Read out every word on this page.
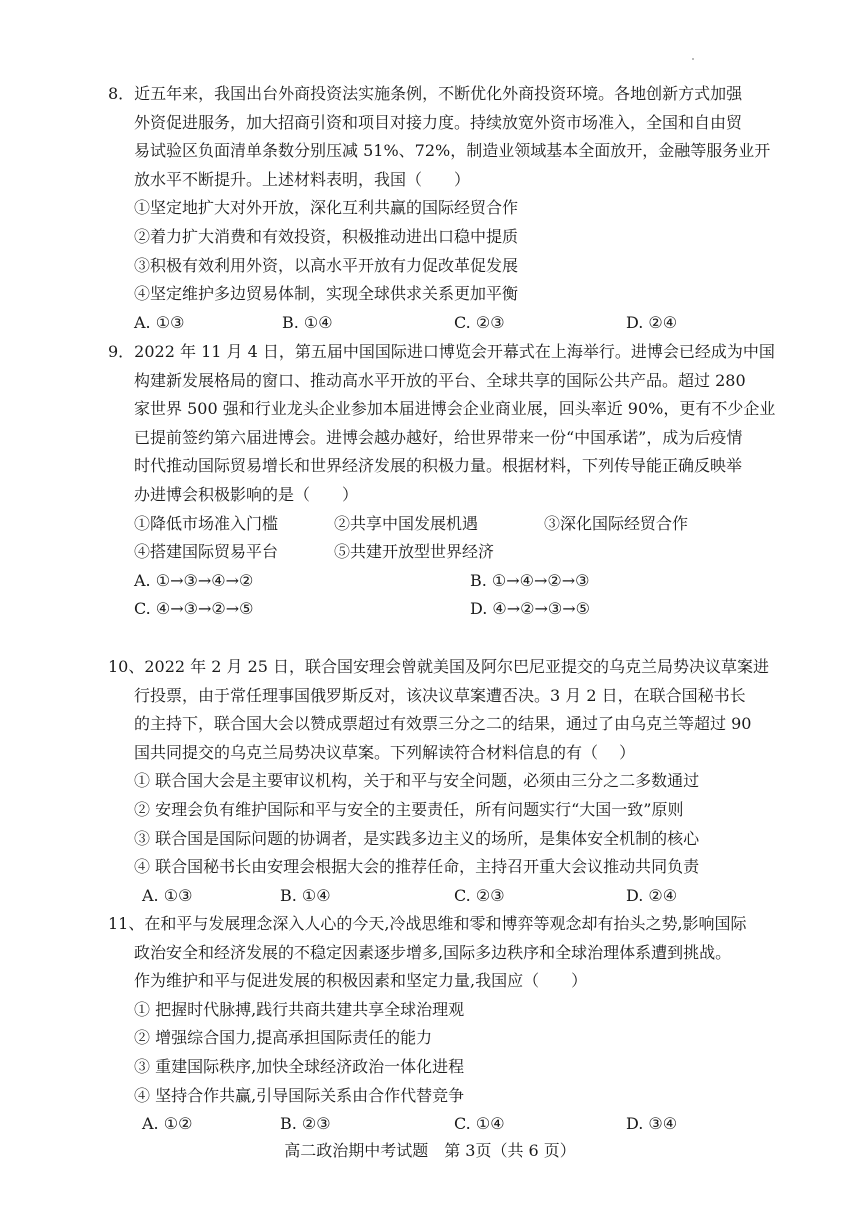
8．近五年来，我国出台外商投资法实施条例，不断优化外商投资环境。各地创新方式加强
外资促进服务，加大招商引资和项目对接力度。持续放宽外资市场准入，全国和自由贸
易试验区负面清单条数分别压减 51%、72%，制造业领域基本全面放开，金融等服务业开
放水平不断提升。上述材料表明，我国（　　）
①坚定地扩大对外开放，深化互利共赢的国际经贸合作
②着力扩大消费和有效投资，积极推动进出口稳中提质
③积极有效利用外资，以高水平开放有力促改革促发展
④坚定维护多边贸易体制，实现全球供求关系更加平衡
A. ①③	B. ①④	C. ②③	D. ②④
9．2022 年 11 月 4 日，第五届中国国际进口博览会开幕式在上海举行。进博会已经成为中国
构建新发展格局的窗口、推动高水平开放的平台、全球共享的国际公共产品。超过 280
家世界 500 强和行业龙头企业参加本届进博会企业商业展，回头率近 90%，更有不少企业
已提前签约第六届进博会。进博会越办越好，给世界带来一份“中国承诺”，成为后疫情
时代推动国际贸易增长和世界经济发展的积极力量。根据材料，下列传导能正确反映举
办进博会积极影响的是（　　）
①降低市场准入门槛	②共享中国发展机遇	③深化国际经贸合作
④搭建国际贸易平台	⑤共建开放型世界经济
A. ①→③→④→②	B. ①→④→②→③
C. ④→③→②→⑤	D. ④→②→③→⑤
10、2022 年 2 月 25 日，联合国安理会曾就美国及阿尔巴尼亚提交的乌克兰局势决议草案进
行投票，由于常任理事国俄罗斯反对，该决议草案遭否决。3 月 2 日，在联合国秘书长
的主持下，联合国大会以赞成票超过有效票三分之二的结果，通过了由乌克兰等超过 90
国共同提交的乌克兰局势决议草案。下列解读符合材料信息的有（　 ）
① 联合国大会是主要审议机构，关于和平与安全问题，必须由三分之二多数通过
② 安理会负有维护国际和平与安全的主要责任，所有问题实行“大国一致”原则
③ 联合国是国际问题的协调者，是实践多边主义的场所，是集体安全机制的核心
④ 联合国秘书长由安理会根据大会的推荐任命，主持召开重大会议推动共同负责
A. ①③	B. ①④	C. ②③	D. ②④
11、在和平与发展理念深入人心的今天,冷战思维和零和博弈等观念却有抬头之势,影响国际
政治安全和经济发展的不稳定因素逐步增多,国际多边秩序和全球治理体系遭到挑战。
作为维护和平与促进发展的积极因素和坚定力量,我国应（　　）
① 把握时代脉搏,践行共商共建共享全球治理观
② 增强综合国力,提高承担国际责任的能力
③ 重建国际秩序,加快全球经济政治一体化进程
④ 坚持合作共赢,引导国际关系由合作代替竞争
A. ①②	B. ②③	C. ①④	D. ③④
高二政治期中考试题　第 3页（共 6 页）
